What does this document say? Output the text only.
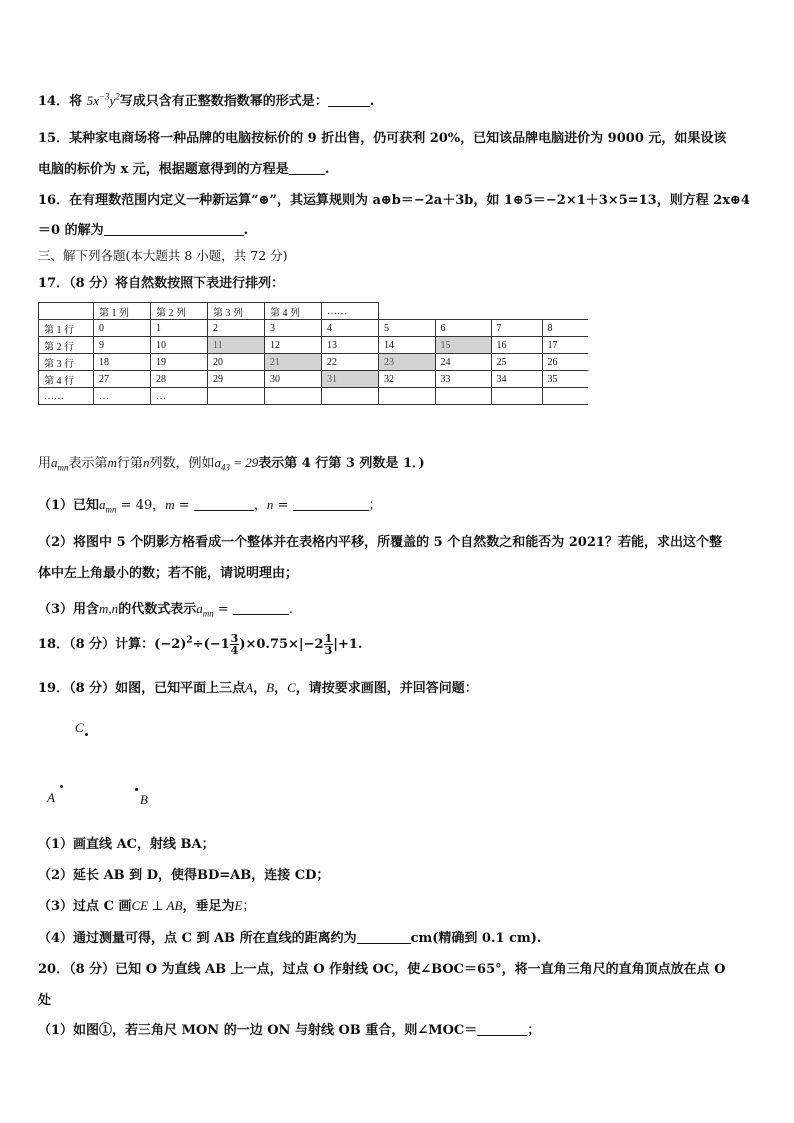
14．将 $5x^{-3}y^2$写成只含有正整数指数幂的形式是：	.
15．某种家电商场将一种品牌的电脑按标价的 9 折出售，仍可获利 20%，已知该品牌电脑进价为 9000 元，如果设该
电脑的标价为 x 元，根据题意得到的方程是	.
16．在有理数范围内定义一种新运算“⊕”，其运算规则为 a⊕b＝−2a＋3b，如 1⊕5＝−2×1＋3×5=13，则方程 2x⊕4
＝0 的解为	.
三、解下列各题(本大题共 8 小题，共 72 分)
17．（8 分）将自然数按照下表进行排列：
	第 1 列	第 2 列	第 3 列	第 4 列	……				
第 1 行	0	1	2	3	4	5	6	7	8
第 2 行	9	10	11	12	13	14	15	16	17
第 3 行	18	19	20	21	22	23	24	25	26
第 4 行	27	28	29	30	31	32	33	34	35
……	…	…							
用$a_{mn}$表示第m行第n列数，例如$a_{43} = 29$表示第 4 行第 3 列数是 1．)
（1）已知$a_{mn} = 49$，m =	，n =	；
（2）将图中 5 个阴影方格看成一个整体并在表格内平移，所覆盖的 5 个自然数之和能否为 2021？若能，求出这个整
体中左上角最小的数；若不能，请说明理由；
（3）用含m,n的代数式表示$a_{mn}$ =	.
18．（8 分）计算：$(-2)^2\div(-1 \frac{3}{4} )\times 0.75\times|-2 \frac{1}{3} |+1$.
19．（8 分）如图，已知平面上三点A，B，C，请按要求画图，并回答问题：
C
A	B
（1）画直线 AC，射线 BA；
（2）延长 AB 到 D，使得BD=AB，连接 CD；
（3）过点 C 画CE ⊥ AB，垂足为E；
（4）通过测量可得，点 C 到 AB 所在直线的距离约为	cm(精确到 0.1 cm).
20．（8 分）已知 O 为直线 AB 上一点，过点 O 作射线 OC，使∠BOC＝65°，将一直角三角尺的直角顶点放在点 O
处
（1）如图①，若三角尺 MON 的一边 ON 与射线 OB 重合，则∠MOC＝	；
